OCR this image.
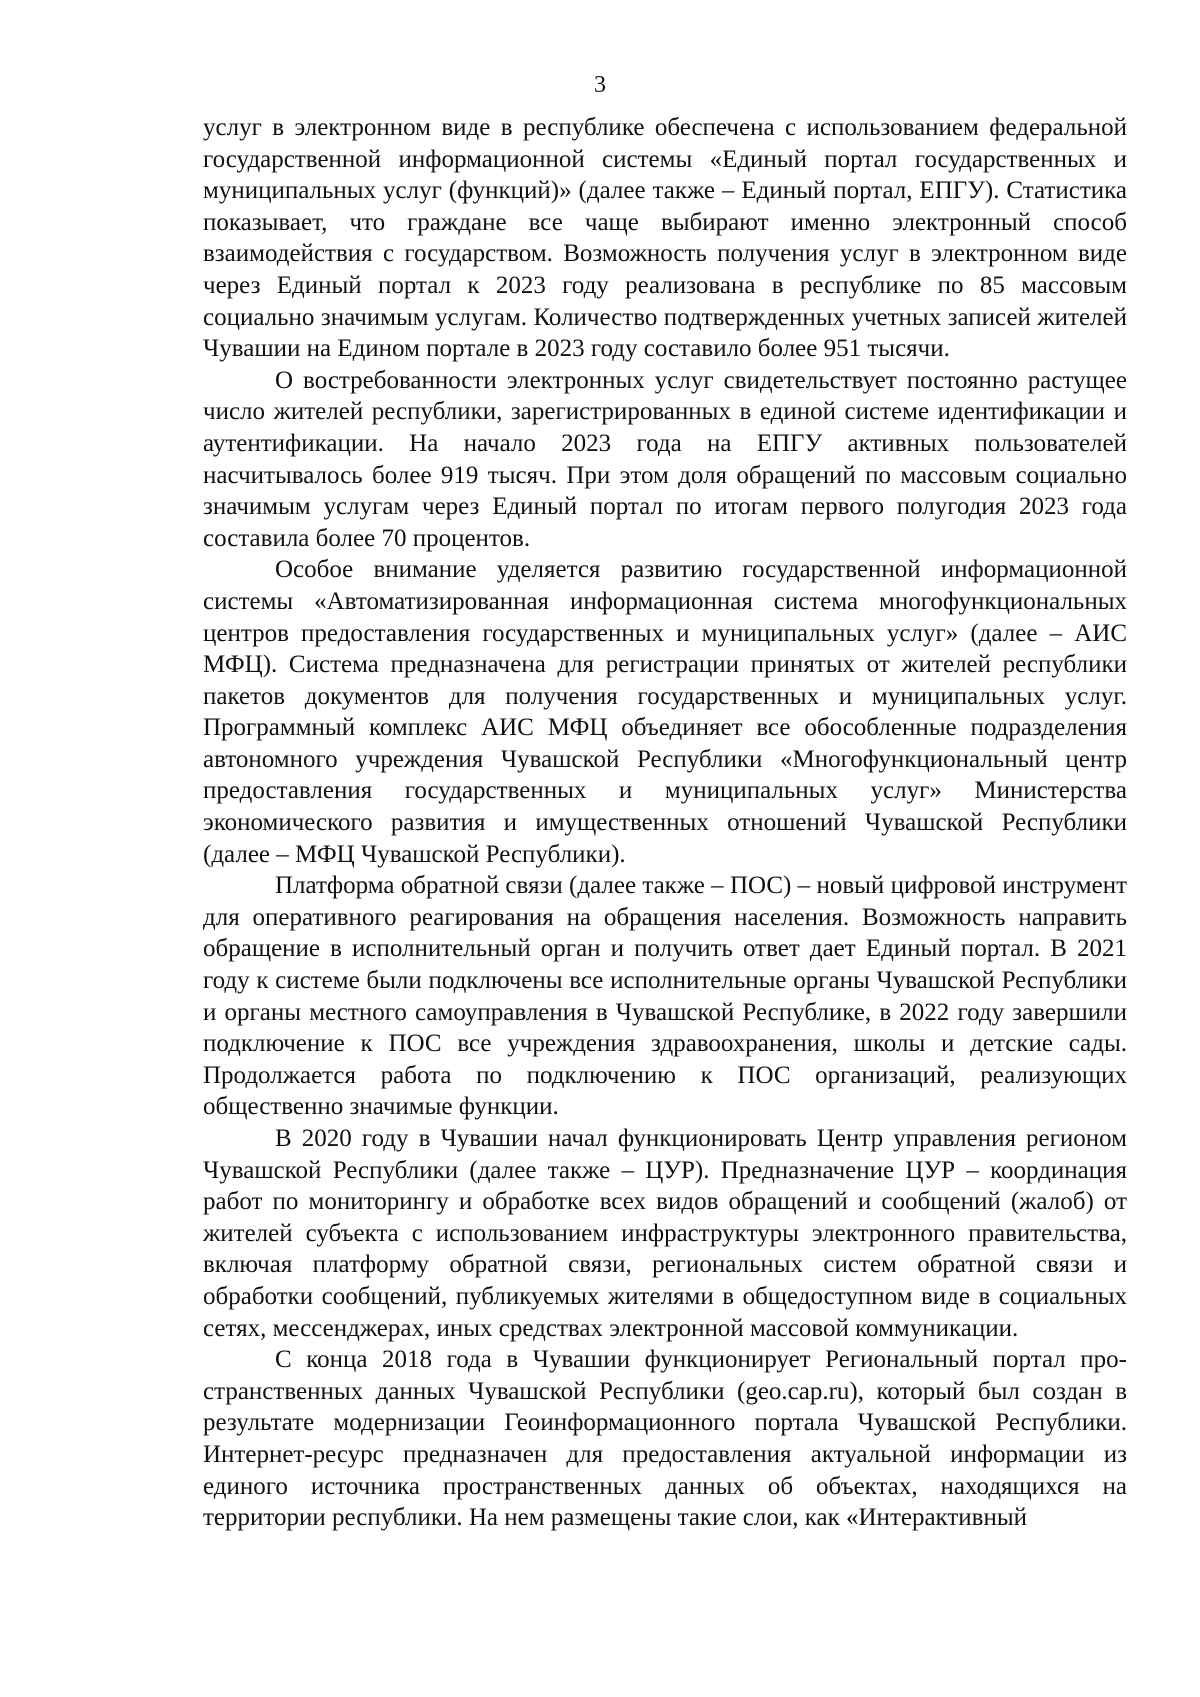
3

услуг в электронном виде в республике обеспечена с использованием федеральной государственной информационной системы «Единый портал государственных и муниципальных услуг (функций)» (далее также – Единый портал, ЕПГУ). Статистика показывает, что граждане все чаще выбирают именно электронный способ взаимодействия с государством. Возможность получения услуг в электронном виде через Единый портал к 2023 году реализована в республике по 85 массовым социально значимым услугам. Количество подтвержденных учетных записей жителей Чувашии на Едином портале в 2023 году составило более 951 тысячи.

О востребованности электронных услуг свидетельствует постоянно растущее число жителей республики, зарегистрированных в единой системе идентификации и аутентификации. На начало 2023 года на ЕПГУ активных пользователей насчитывалось более 919 тысяч. При этом доля обращений по массовым социально значимым услугам через Единый портал по итогам первого полугодия 2023 года составила более 70 процентов.

Особое внимание уделяется развитию государственной информационной системы «Автоматизированная информационная система многофункциональных центров предоставления государственных и муниципальных услуг» (далее – АИС МФЦ). Система предназначена для регистрации принятых от жителей республики пакетов документов для получения государственных и муниципальных услуг. Программный комплекс АИС МФЦ объединяет все обособленные подразделения автономного учреждения Чувашской Республики «Многофункциональный центр предоставления государственных и муниципальных услуг» Министерства экономического развития и имущественных отношений Чувашской Республики (далее – МФЦ Чувашской Республики).

Платформа обратной связи (далее также – ПОС) – новый цифровой инструмент для оперативного реагирования на обращения населения. Возможность направить обращение в исполнительный орган и получить ответ дает Единый портал. В 2021 году к системе были подключены все исполнительные органы Чувашской Республики и органы местного самоуправления в Чувашской Республике, в 2022 году завершили подключение к ПОС все учреждения здравоохранения, школы и детские сады. Продолжается работа по подключению к ПОС организаций, реализующих общественно значимые функции.

В 2020 году в Чувашии начал функционировать Центр управления регионом Чувашской Республики (далее также – ЦУР). Предназначение ЦУР – координация работ по мониторингу и обработке всех видов обращений и сообщений (жалоб) от жителей субъекта с использованием инфраструктуры электронного правительства, включая платформу обратной связи, региональных систем обратной связи и обработки сообщений, публикуемых жителями в общедоступном виде в социальных сетях, мессенджерах, иных средствах электронной массовой коммуникации.

С конца 2018 года в Чувашии функционирует Региональный портал пространственных данных Чувашской Республики (geo.cap.ru), который был создан в результате модернизации Геоинформационного портала Чувашской Республики. Интернет-ресурс предназначен для предоставления актуальной информации из единого источника пространственных данных об объектах, находящихся на территории республики. На нем размещены такие слои, как «Интерактивный
